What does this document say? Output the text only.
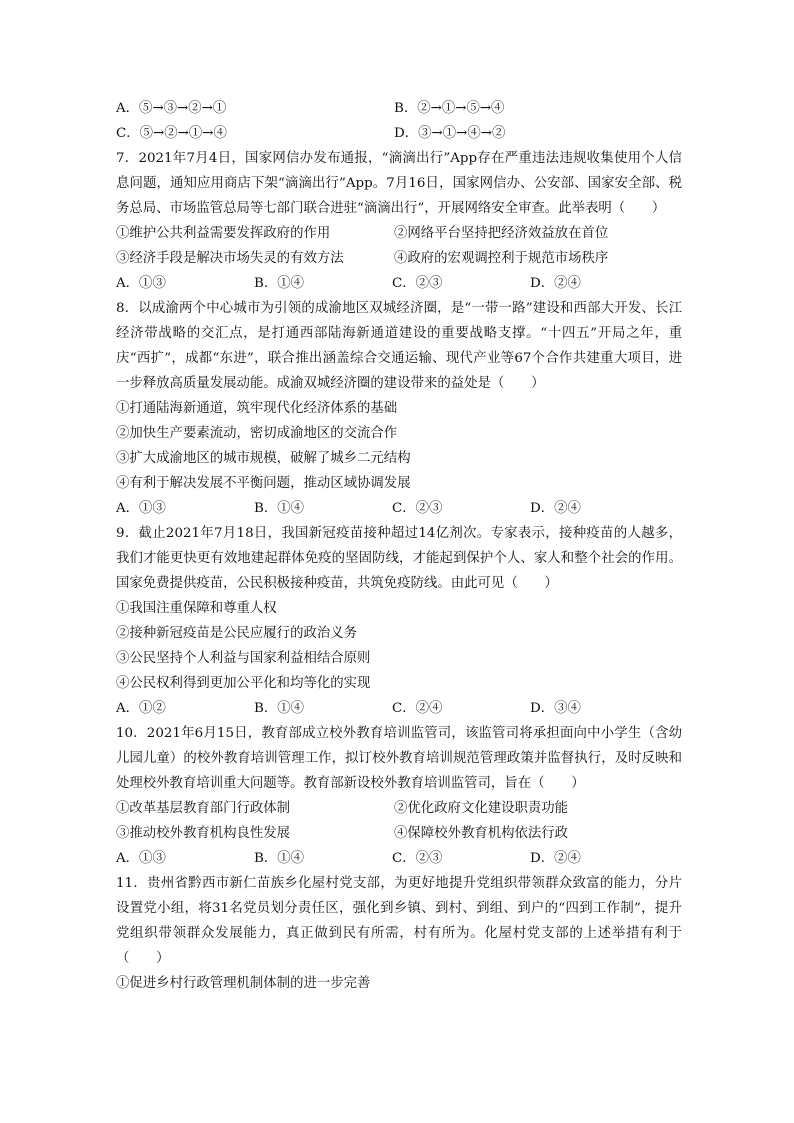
A．⑤→③→②→①	B．②→①→⑤→④
C．⑤→②→①→④	D．③→①→④→②
7．2021年7月4日，国家网信办发布通报，“滴滴出行”App存在严重违法违规收集使用个人信息问题，通知应用商店下架“滴滴出行”App。7月16日，国家网信办、公安部、国家安全部、税务总局、市场监管总局等七部门联合进驻“滴滴出行”，开展网络安全审查。此举表明（　　）
①维护公共利益需要发挥政府的作用	②网络平台坚持把经济效益放在首位
③经济手段是解决市场失灵的有效方法	④政府的宏观调控利于规范市场秩序
A．①③	B．①④	C．②③	D．②④
8．以成渝两个中心城市为引领的成渝地区双城经济圈，是“一带一路”建设和西部大开发、长江经济带战略的交汇点，是打通西部陆海新通道建设的重要战略支撑。“十四五”开局之年，重庆“西扩”，成都“东进”，联合推出涵盖综合交通运输、现代产业等67个合作共建重大项目，进一步释放高质量发展动能。成渝双城经济圈的建设带来的益处是（　　）
①打通陆海新通道，筑牢现代化经济体系的基础
②加快生产要素流动，密切成渝地区的交流合作
③扩大成渝地区的城市规模，破解了城乡二元结构
④有利于解决发展不平衡问题，推动区域协调发展
A．①③	B．①④	C．②③	D．②④
9．截止2021年7月18日，我国新冠疫苗接种超过14亿剂次。专家表示，接种疫苗的人越多，我们才能更快更有效地建起群体免疫的坚固防线，才能起到保护个人、家人和整个社会的作用。国家免费提供疫苗，公民积极接种疫苗，共筑免疫防线。由此可见（　　）
①我国注重保障和尊重人权
②接种新冠疫苗是公民应履行的政治义务
③公民坚持个人利益与国家利益相结合原则
④公民权利得到更加公平化和均等化的实现
A．①②	B．①④	C．②④	D．③④
10．2021年6月15日，教育部成立校外教育培训监管司，该监管司将承担面向中小学生（含幼儿园儿童）的校外教育培训管理工作，拟订校外教育培训规范管理政策并监督执行，及时反映和处理校外教育培训重大问题等。教育部新设校外教育培训监管司，旨在（　　）
①改革基层教育部门行政体制	②优化政府文化建设职责功能
③推动校外教育机构良性发展	④保障校外教育机构依法行政
A．①③	B．①④	C．②③	D．②④
11．贵州省黔西市新仁苗族乡化屋村党支部，为更好地提升党组织带领群众致富的能力，分片设置党小组，将31名党员划分责任区，强化到乡镇、到村、到组、到户的“四到工作制”，提升党组织带领群众发展能力，真正做到民有所需，村有所为。化屋村党支部的上述举措有利于（　　）
①促进乡村行政管理机制体制的进一步完善
